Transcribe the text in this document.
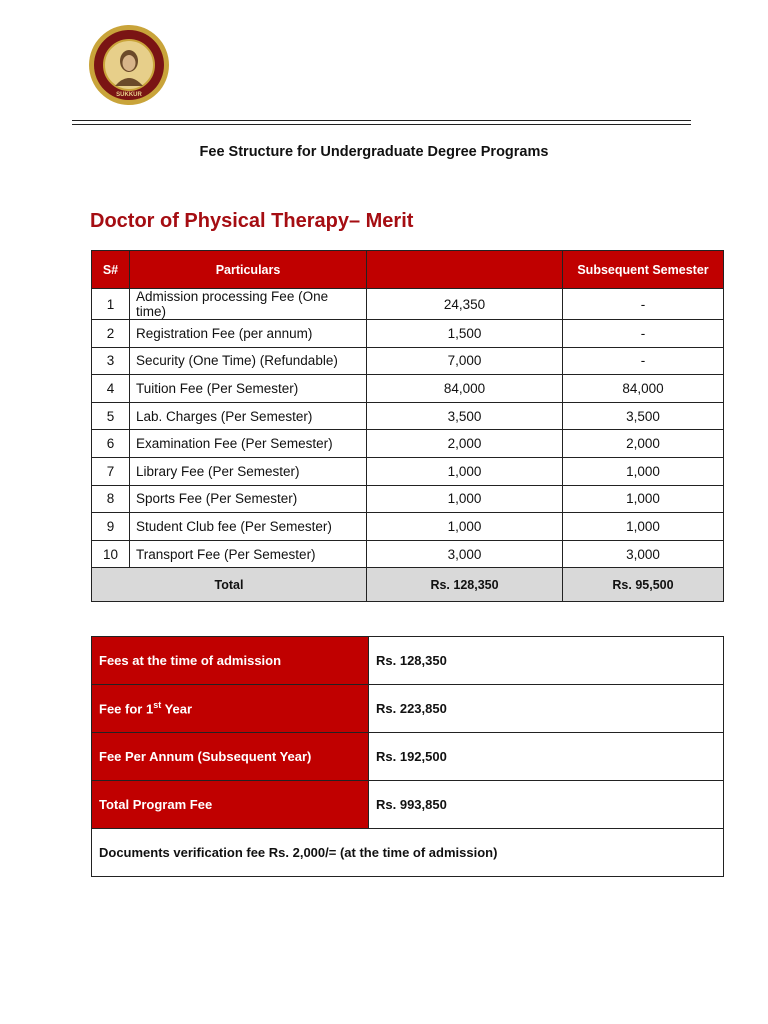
SUKKUR
Fee Structure for Undergraduate Degree Programs
Doctor of Physical Therapy– Merit
S#	Particulars		Subsequent Semester
1	Admission processing Fee (One time)	24,350	-
2	Registration Fee (per annum)	1,500	-
3	Security (One Time) (Refundable)	7,000	-
4	Tuition Fee (Per Semester)	84,000	84,000
5	Lab. Charges (Per Semester)	3,500	3,500
6	Examination Fee (Per Semester)	2,000	2,000
7	Library Fee (Per Semester)	1,000	1,000
8	Sports Fee (Per Semester)	1,000	1,000
9	Student Club fee (Per Semester)	1,000	1,000
10	Transport Fee (Per Semester)	3,000	3,000
Total		Rs. 128,350	Rs. 95,500
Fees at the time of admission	Rs. 128,350
Fee for 1st Year	Rs. 223,850
Fee Per Annum (Subsequent Year)	Rs. 192,500
Total Program Fee	Rs. 993,850
Documents verification fee Rs. 2,000/= (at the time of admission)	
